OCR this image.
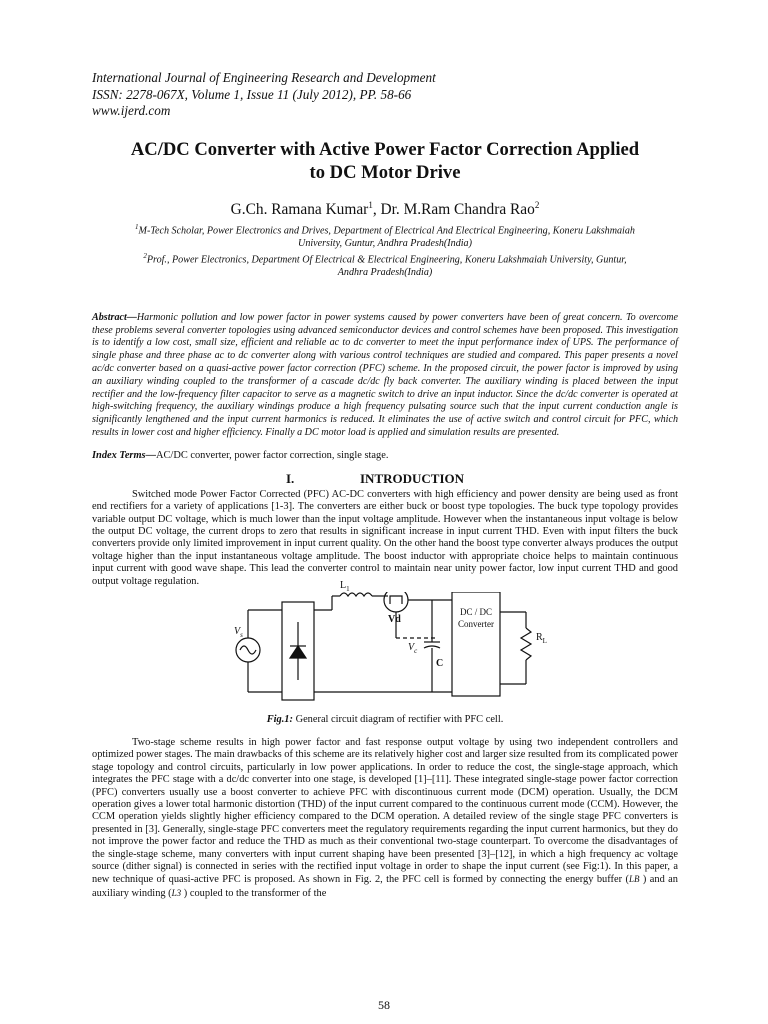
International Journal of Engineering Research and Development

ISSN: 2278-067X, Volume 1, Issue 11 (July 2012), PP. 58-66

www.ijerd.com

AC/DC Converter with Active Power Factor Correction Applied
to DC Motor Drive
G.Ch. Ramana Kumar$^1$, Dr. M.Ram Chandra Rao$^2$
$^1$M-Tech Scholar, Power Electronics and Drives, Department of Electrical And Electrical Engineering, Koneru Lakshmaiah
University, Guntur, Andhra Pradesh(India)
$^2$Prof., Power Electronics, Department Of Electrical & Electrical Engineering, Koneru Lakshmaiah University, Guntur,
Andhra Pradesh(India)

Abstract—Harmonic pollution and low power factor in power systems caused by power converters have been of great concern. To overcome these problems several converter topologies using advanced semiconductor devices and control schemes have been proposed. This investigation is to identify a low cost, small size, efficient and reliable ac to dc converter to meet the input performance index of UPS. The performance of single phase and three phase ac to dc converter along with various control techniques are studied and compared. This paper presents a novel ac/dc converter based on a quasi-active power factor correction (PFC) scheme. In the proposed circuit, the power factor is improved by using an auxiliary winding coupled to the transformer of a cascade dc/dc fly back converter. The auxiliary winding is placed between the input rectifier and the low-frequency filter capacitor to serve as a magnetic switch to drive an input inductor. Since the dc/dc converter is operated at high-switching frequency, the auxiliary windings produce a high frequency pulsating source such that the input current conduction angle is significantly lengthened and the input current harmonics is reduced. It eliminates the use of active switch and control circuit for PFC, which results in lower cost and higher efficiency. Finally a DC motor load is applied and simulation results are presented.

Index Terms—AC/DC converter, power factor correction, single stage.

I.	INTRODUCTION

Switched mode Power Factor Corrected (PFC) AC-DC converters with high efficiency and power density are being used as front end rectifiers for a variety of applications [1-3]. The converters are either buck or boost type topologies. The buck type topology provides variable output DC voltage, which is much lower than the input voltage amplitude. However when the instantaneous input voltage is below the output DC voltage, the current drops to zero that results in significant increase in input current THD. Even with input filters the buck converters provide only limited improvement in input current quality. On the other hand the boost type converter always produces the output voltage higher than the input instantaneous voltage amplitude. The boost inductor with appropriate choice helps to maintain continuous input current with good wave shape. This lead the converter control to maintain near unity power factor, low input current THD and good output voltage regulation.	$L_1$
Vd
$V_s$
$V_c$
C
DC / DC
Converter
$R_L$

Fig.1: General circuit diagram of rectifier with PFC cell.

Two-stage scheme results in high power factor and fast response output voltage by using two independent controllers and optimized power stages. The main drawbacks of this scheme are its relatively higher cost and larger size resulted from its complicated power stage topology and control circuits, particularly in low power applications. In order to reduce the cost, the single-stage approach, which integrates the PFC stage with a dc/dc converter into one stage, is developed [1]–[11]. These integrated single-stage power factor correction (PFC) converters usually use a boost converter to achieve PFC with discontinuous current mode (DCM) operation. Usually, the DCM operation gives a lower total harmonic distortion (THD) of the input current compared to the continuous current mode (CCM). However, the CCM operation yields slightly higher efficiency compared to the DCM operation. A detailed review of the single stage PFC converters is presented in [3]. Generally, single-stage PFC converters meet the regulatory requirements regarding the input current harmonics, but they do not improve the power factor and reduce the THD as much as their conventional two-stage counterpart. To overcome the disadvantages of the single-stage scheme, many converters with input current shaping have been presented [3]–[12], in which a high frequency ac voltage source (dither signal) is connected in series with the rectified input voltage in order to shape the input current (see Fig:1). In this paper, a new technique of quasi-active PFC is proposed. As shown in Fig. 2, the PFC cell is formed by connecting the energy buffer (LB ) and an auxiliary winding (L3 ) coupled to the transformer of the

58
